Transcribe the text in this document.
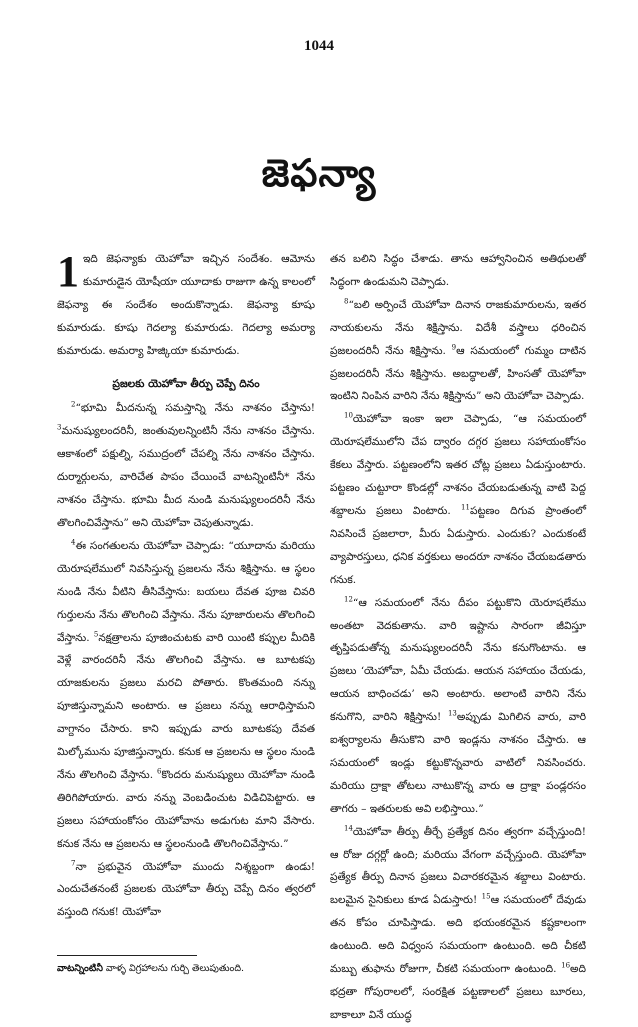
1044
జెఫన్యా

1 ఇది జెఫన్యాకు యెహోవా ఇచ్చిన సందేశం. ఆమోను కుమారుడైన యోషీయా యూదాకు రాజుగా ఉన్న కాలంలో జెఫన్యా ఈ సందేశం అందుకొన్నాడు. జెఫన్యా కూషు కుమారుడు. కూషు గెదల్యా కుమారుడు. గెదల్యా అమర్యా కుమారుడు. అమర్యా హిజ్కియా కుమారుడు.

ప్రజలకు యెహోవా తీర్పు చెప్పే దినం

$^2$“భూమి మీదనున్న సమస్తాన్ని నేను నాశనం చేస్తాను! $^3$మనుష్యులందరినీ, జంతువులన్నింటినీ నేను నాశనం చేస్తాను. ఆకాశంలో పక్షుల్ని, సముద్రంలో చేపల్ని నేను నాశనం చేస్తాను. దుర్మార్గులను, వారిచేత పాపం చేయించే వాటన్నింటినీ* నేను నాశనం చేస్తాను. భూమి మీద నుండి మనుష్యులందరినీ నేను తొలగించివేస్తాను” అని యెహోవా చెపుతున్నాడు.

$^4$ఈ సంగతులను యెహోవా చెప్పాడు: “యూదాను మరియు యెరూషలేములో నివసిస్తున్న ప్రజలను నేను శిక్షిస్తాను. ఆ స్థలం నుండి నేను వీటిని తీసివేస్తాను: బయలు దేవత పూజ చివరి గుర్తులను నేను తొలగించి వేస్తాను. నేను పూజారులను తొలగించి వేస్తాను. $^5$నక్షత్రాలను పూజించుటకు వారి యింటి కప్పుల మీదికి వెళ్లే వారందరినీ నేను తొలగించి వేస్తాను. ఆ బూటకపు యాజకులను ప్రజలు మరచి పోతారు. కొంతమంది నన్ను పూజిస్తున్నామని అంటారు. ఆ ప్రజలు నన్ను ఆరాధిస్తామని వాగ్దానం చేసారు. కాని ఇప్పుడు వారు బూటకపు దేవత మిల్కోమును పూజిస్తున్నారు. కనుక ఆ ప్రజలను ఆ స్థలం నుండి నేను తొలగించి వేస్తాను. $^6$కొందరు మనుష్యులు యెహోవా నుండి తిరిగిపోయారు. వారు నన్ను వెంబడించుట విడిచిపెట్టారు. ఆ ప్రజలు సహాయంకోసం యెహోవాను అడుగుట మాని వేసారు. కనుక నేను ఆ ప్రజలను ఆ స్థలంనుండి తొలగించివేస్తాను.”

$^7$నా ప్రభువైన యెహోవా ముందు నిశ్శబ్దంగా ఉండు! ఎందుచేతనంటే ప్రజలకు యెహోవా తీర్పు చెప్పే దినం త్వరలో వస్తుంది గనుక! యెహోవా

తన బలిని సిద్ధం చేశాడు. తాను ఆహ్వానించిన అతిథులతో సిద్ధంగా ఉండుమని చెప్పాడు.

$^8$“బలి అర్పించే యెహోవా దినాన రాజకుమారులను, ఇతర నాయకులను నేను శిక్షిస్తాను. విదేశీ వస్త్రాలు ధరించిన ప్రజలందరినీ నేను శిక్షిస్తాను. $^9$ఆ సమయంలో గుమ్మం దాటిన ప్రజలందరినీ నేను శిక్షిస్తాను. అబద్ధాలతో, హింసతో యెహోవా ఇంటిని నింపిన వారిని నేను శిక్షిస్తాను” అని యెహోవా చెప్పాడు.

$^{10}$యెహోవా ఇంకా ఇలా చెప్పాడు, “ఆ సమయంలో యెరూషలేములోని చేప ద్వారం దగ్గర ప్రజలు సహాయంకోసం కేకలు వేస్తారు. పట్టణంలోని ఇతర చోట్ల ప్రజలు ఏడుస్తుంటారు. పట్టణం చుట్టూరా కొండల్లో నాశనం చేయబడుతున్న వాటి పెద్ద శబ్దాలను ప్రజలు వింటారు. $^{11}$పట్టణం దిగువ ప్రాంతంలో నివసించే ప్రజలారా, మీరు ఏడుస్తారు. ఎందుకు? ఎందుకంటే వ్యాపారస్తులు, ధనిక వర్తకులు అందరూ నాశనం చేయబడతారు గనుక.

$^{12}$“ఆ సమయంలో నేను దీపం పట్టుకొని యెరూషలేము అంతటా వెదకుతాను. వారి ఇష్టాను సారంగా జీవిస్తూ తృప్తిపడుతోన్న మనుష్యులందరినీ నేను కనుగొంటాను. ఆ ప్రజలు ‘యెహోవా, ఏమీ చేయడు. ఆయన సహాయం చేయడు, ఆయన బాధించడు’ అని అంటారు. అలాంటి వారిని నేను కనుగొని, వారిని శిక్షిస్తాను! $^{13}$అప్పుడు మిగిలిన వారు, వారి ఐశ్వర్యాలను తీసుకొని వారి ఇండ్లను నాశనం చేస్తారు. ఆ సమయంలో ఇండ్లు కట్టుకొన్నవారు వాటిలో నివసించరు. మరియు ద్రాక్షా తోటలు నాటుకొన్న వారు ఆ ద్రాక్షా పండ్లరసం తాగరు – ఇతరులకు అవి లభిస్తాయి.”

$^{14}$యెహోవా తీర్పు తీర్చే ప్రత్యేక దినం త్వరగా వచ్చేస్తుంది! ఆ రోజు దగ్గర్లో ఉంది; మరియు వేగంగా వచ్చేస్తుంది. యెహోవా ప్రత్యేక తీర్పు దినాన ప్రజలు విచారకరమైన శబ్దాలు వింటారు. బలమైన సైనికులు కూడ ఏడుస్తారు! $^{15}$ఆ సమయంలో దేవుడు తన కోపం చూపిస్తాడు. అది భయంకరమైన కష్టకాలంగా ఉంటుంది. అది విధ్వంస సమయంగా ఉంటుంది. అది చీకటి మబ్బు తుఫాను రోజుగా, చీకటి సమయంగా ఉంటుంది. $^{16}$అది భద్రతా గోపురాలలో, సంరక్షిత పట్టణాలలో ప్రజలు బూరలు, బాకాలూ వినే యుద్ధ

వాటన్నింటినీ వాళ్ళ విగ్రహాలను గుర్చి తెలుపుతుంది.
